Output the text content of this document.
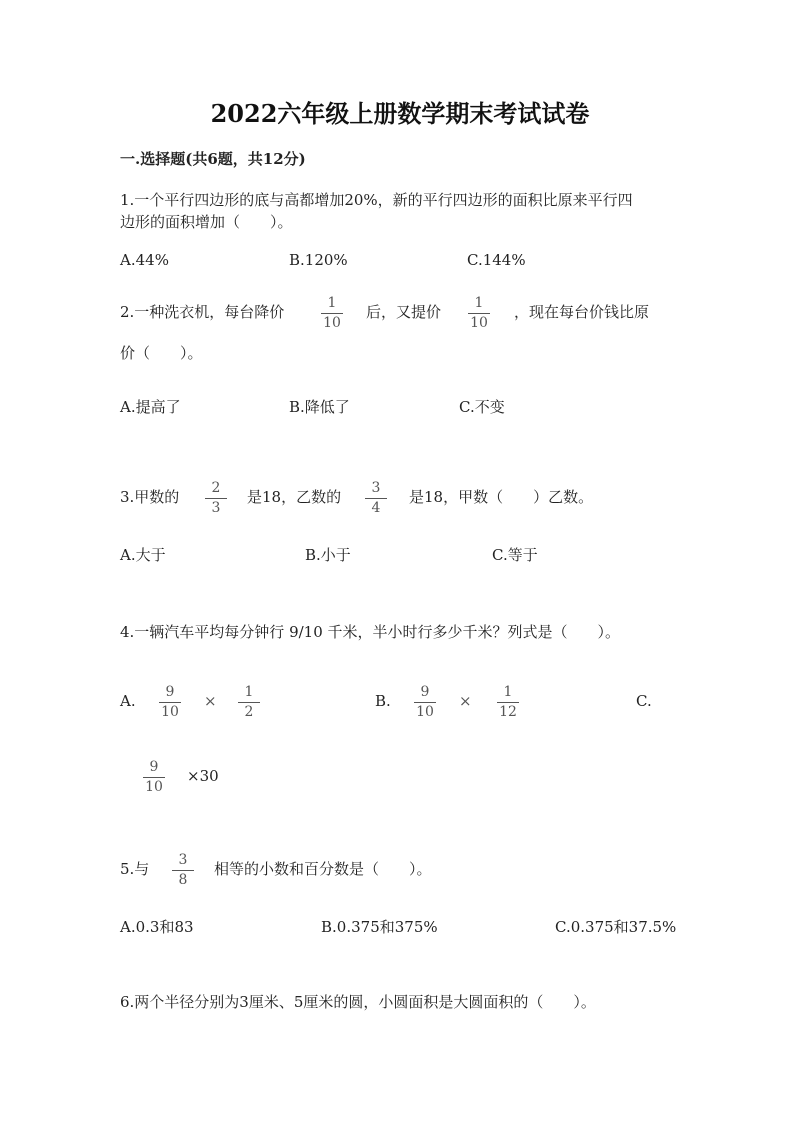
2022六年级上册数学期末考试试卷
一.选择题(共6题，共12分)
1.一个平行四边形的底与高都增加20%，新的平行四边形的面积比原来平行四
边形的面积增加（　　）。
A.44%	B.120%	C.144%
2.一种洗衣机，每台降价	1
10
后，又提价	1
10
，现在每台价钱比原
价（　　）。
A.提高了	B.降低了	C.不变
3.甲数的	2
3
是18，乙数的	3
4
是18，甲数（　　）乙数。
A.大于	B.小于	C.等于
4.一辆汽车平均每分钟行 9/10 千米，半小时行多少千米？列式是（　　）。
A.	9
10
×	1
2
B.	9
10
×	1
12
C.
9
10
×30
5.与	3
8
相等的小数和百分数是（　　）。
A.0.3和83	B.0.375和375%	C.0.375和37.5%
6.两个半径分别为3厘米、5厘米的圆，小圆面积是大圆面积的（　　）。
